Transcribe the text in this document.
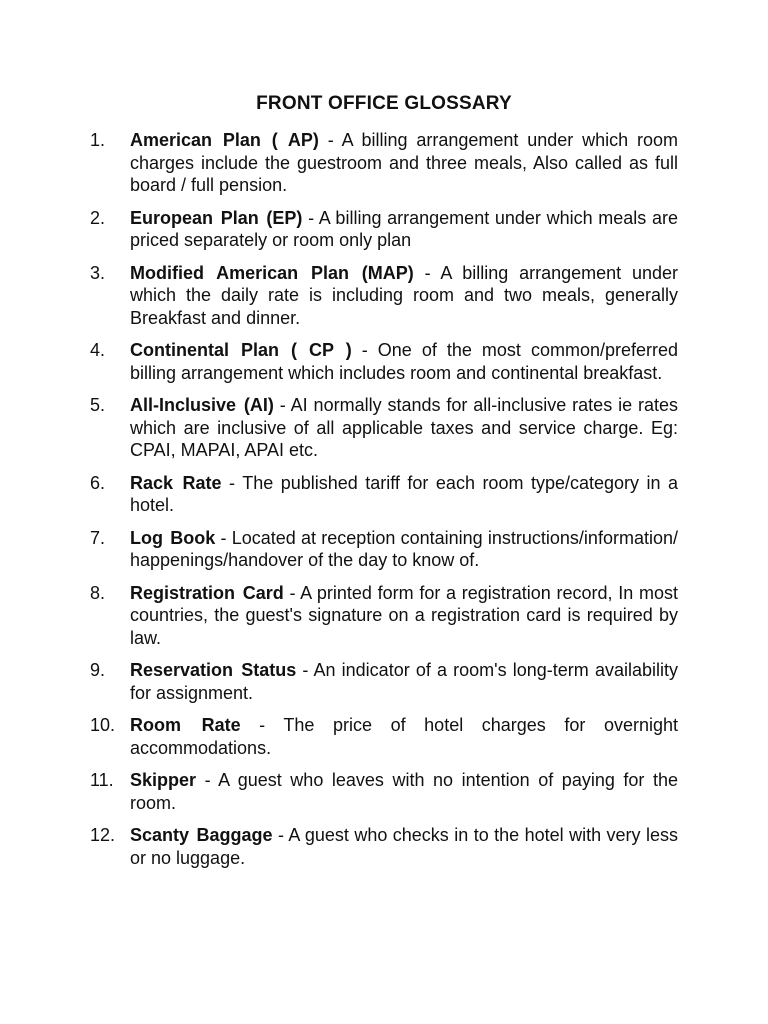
FRONT OFFICE GLOSSARY
1. American Plan ( AP) - A billing arrangement under which room charges include the guestroom and three meals, Also called as full board / full pension.
2. European Plan (EP) - A billing arrangement under which meals are priced separately or room only plan
3. Modified American Plan (MAP) - A billing arrangement under which the daily rate is including room and two meals, generally Breakfast and dinner.
4. Continental Plan ( CP ) - One of the most common/preferred billing arrangement which includes room and continental breakfast.
5. All-Inclusive (AI) - AI normally stands for all-inclusive rates ie rates which are inclusive of all applicable taxes and service charge. Eg: CPAI, MAPAI, APAI etc.
6. Rack Rate - The published tariff for each room type/category in a hotel.
7. Log Book - Located at reception containing instructions/information/ happenings/handover of the day to know of.
8. Registration Card - A printed form for a registration record, In most countries, the guest's signature on a registration card is required by law.
9. Reservation Status - An indicator of a room's long-term availability for assignment.
10. Room Rate - The price of hotel charges for overnight accommodations.
11. Skipper - A guest who leaves with no intention of paying for the room.
12. Scanty Baggage - A guest who checks in to the hotel with very less or no luggage.
